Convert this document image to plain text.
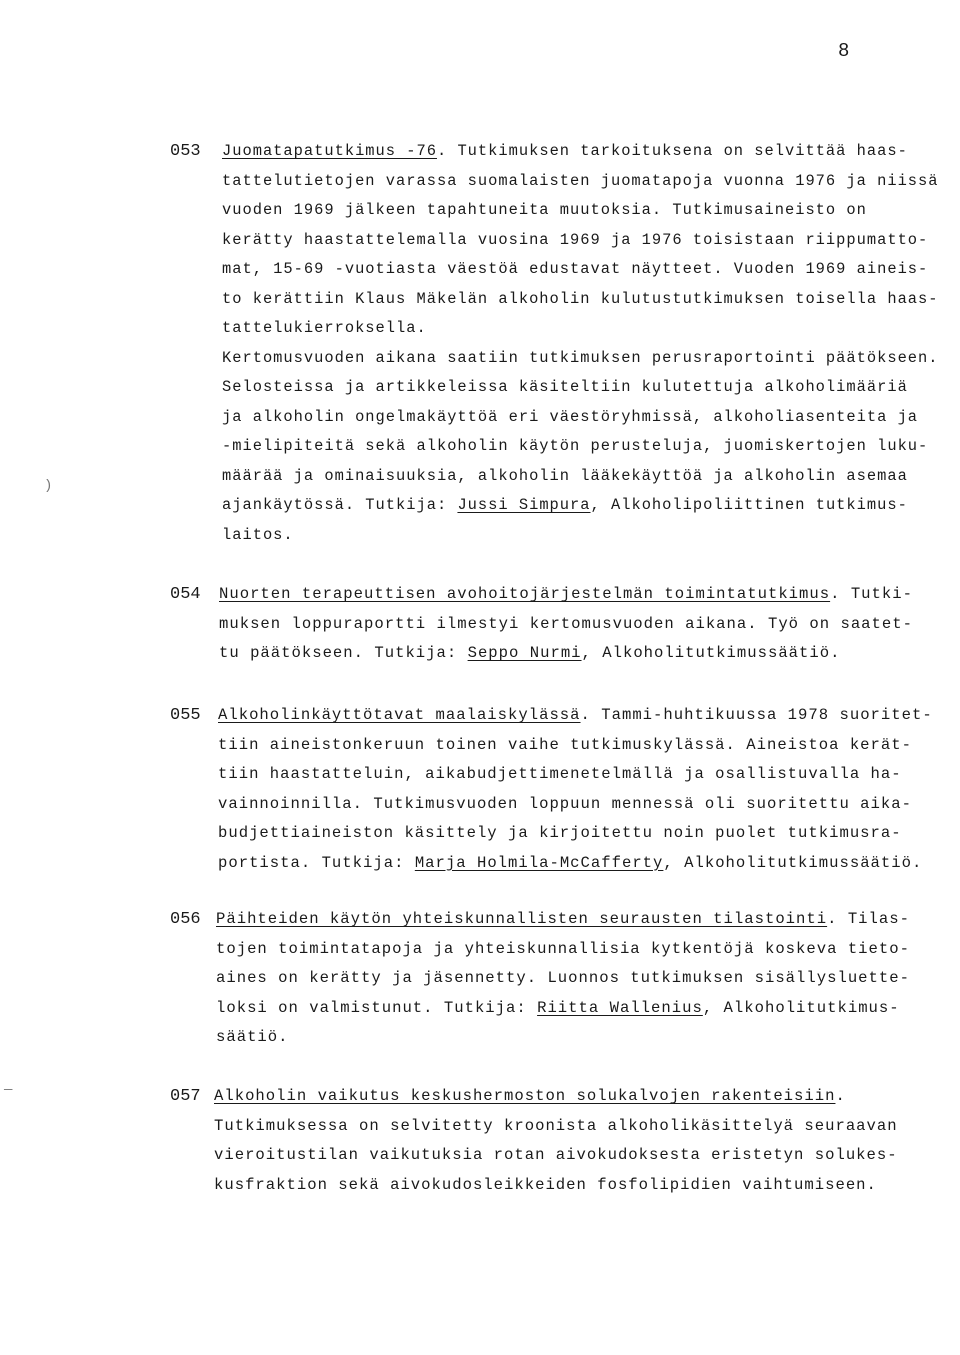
8
053 Juomatapatutkimus -76. Tutkimuksen tarkoituksena on selvittää haas-
tattelutietojen varassa suomalaisten juomatapoja vuonna 1976 ja niissä
vuoden 1969 jälkeen tapahtuneita muutoksia. Tutkimusaineisto on
kerätty haastattelemalla vuosina 1969 ja 1976 toisistaan riippumatto-
mat, 15-69 -vuotiasta väestöä edustavat näytteet. Vuoden 1969 aineis-
to kerättiin Klaus Mäkelän alkoholin kulutustutkimuksen toisella haas-
tattelukierroksella.
Kertomusvuoden aikana saatiin tutkimuksen perusraportointi päätökseen.
Selosteissa ja artikkeleissa käsiteltiin kulutettuja alkoholimääriä
ja alkoholin ongelmakäyttöä eri väestöryhmissä, alkoholiasenteita ja
-mielipiteitä sekä alkoholin käytön perusteluja, juomiskertojen luku-
määrää ja ominaisuuksia, alkoholin lääkekäyttöä ja alkoholin asemaa
ajankäytössä. Tutkija: Jussi Simpura, Alkoholipoliittinen tutkimus-
laitos.
054 Nuorten terapeuttisen avohoitojärjestelmän toimintatutkimus. Tutki-
muksen loppuraportti ilmestyi kertomusvuoden aikana. Työ on saatet-
tu päätökseen. Tutkija: Seppo Nurmi, Alkoholitutkimussäätiö.
055 Alkoholinkäyttötavat maalaiskylässä. Tammi-huhtikuussa 1978 suoritet-
tiin aineistonkeruun toinen vaihe tutkimuskylässä. Aineistoa kerät-
tiin haastatteluin, aikabudjettimenetelmällä ja osallistuvalla ha-
vainnoinnilla. Tutkimusvuoden loppuun mennessä oli suoritettu aika-
budjettiaineiston käsittely ja kirjoitettu noin puolet tutkimusra-
portista. Tutkija: Marja Holmila-McCafferty, Alkoholitutkimussäätiö.
056 Päihteiden käytön yhteiskunnallisten seurausten tilastointi. Tilas-
tojen toimintatapoja ja yhteiskunnallisia kytkentöjä koskeva tieto-
aines on kerätty ja jäsennetty. Luonnos tutkimuksen sisällysluette-
loksi on valmistunut. Tutkija: Riitta Wallenius, Alkoholitutkimus-
säätiö.
057 Alkoholin vaikutus keskushermoston solukalvojen rakenteisiin.
Tutkimuksessa on selvitetty kroonista alkoholikäsittelyä seuraavan
vieroitustilan vaikutuksia rotan aivokudoksesta eristetyn solukes-
kusfraktion sekä aivokudosleikkeiden fosfolipidien vaihtumiseen.
)
—
